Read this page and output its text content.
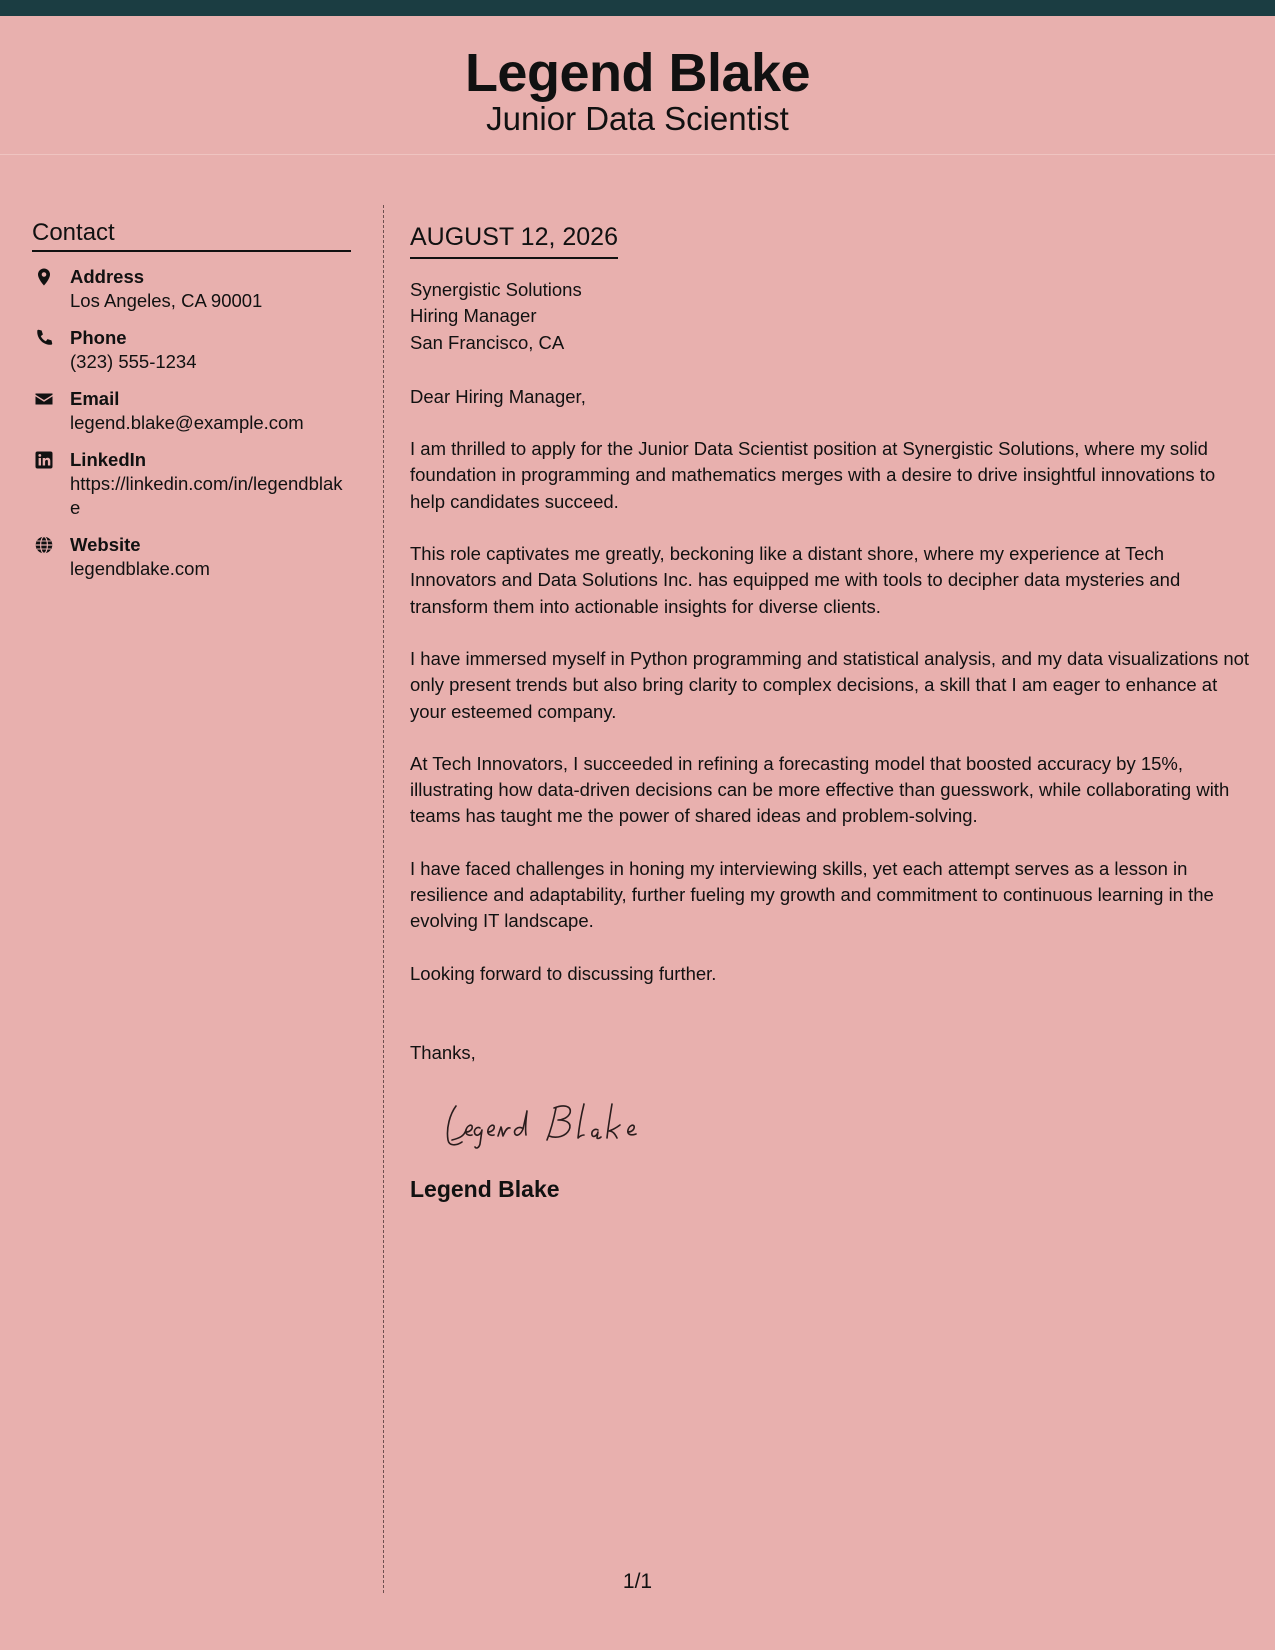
Legend Blake
Junior Data Scientist
Contact
Address
Los Angeles, CA 90001
Phone
(323) 555-1234
Email
legend.blake@example.com
LinkedIn
https://linkedin.com/in/legendblake
Website
legendblake.com
AUGUST 12, 2026
Synergistic Solutions
Hiring Manager
San Francisco, CA
Dear Hiring Manager,

I am thrilled to apply for the Junior Data Scientist position at Synergistic Solutions, where my solid foundation in programming and mathematics merges with a desire to drive insightful innovations to help candidates succeed.

This role captivates me greatly, beckoning like a distant shore, where my experience at Tech Innovators and Data Solutions Inc. has equipped me with tools to decipher data mysteries and transform them into actionable insights for diverse clients.

I have immersed myself in Python programming and statistical analysis, and my data visualizations not only present trends but also bring clarity to complex decisions, a skill that I am eager to enhance at your esteemed company.

At Tech Innovators, I succeeded in refining a forecasting model that boosted accuracy by 15%, illustrating how data-driven decisions can be more effective than guesswork, while collaborating with teams has taught me the power of shared ideas and problem-solving.

I have faced challenges in honing my interviewing skills, yet each attempt serves as a lesson in resilience and adaptability, further fueling my growth and commitment to continuous learning in the evolving IT landscape.

Looking forward to discussing further.

Thanks,
Legend Blake
1/1
